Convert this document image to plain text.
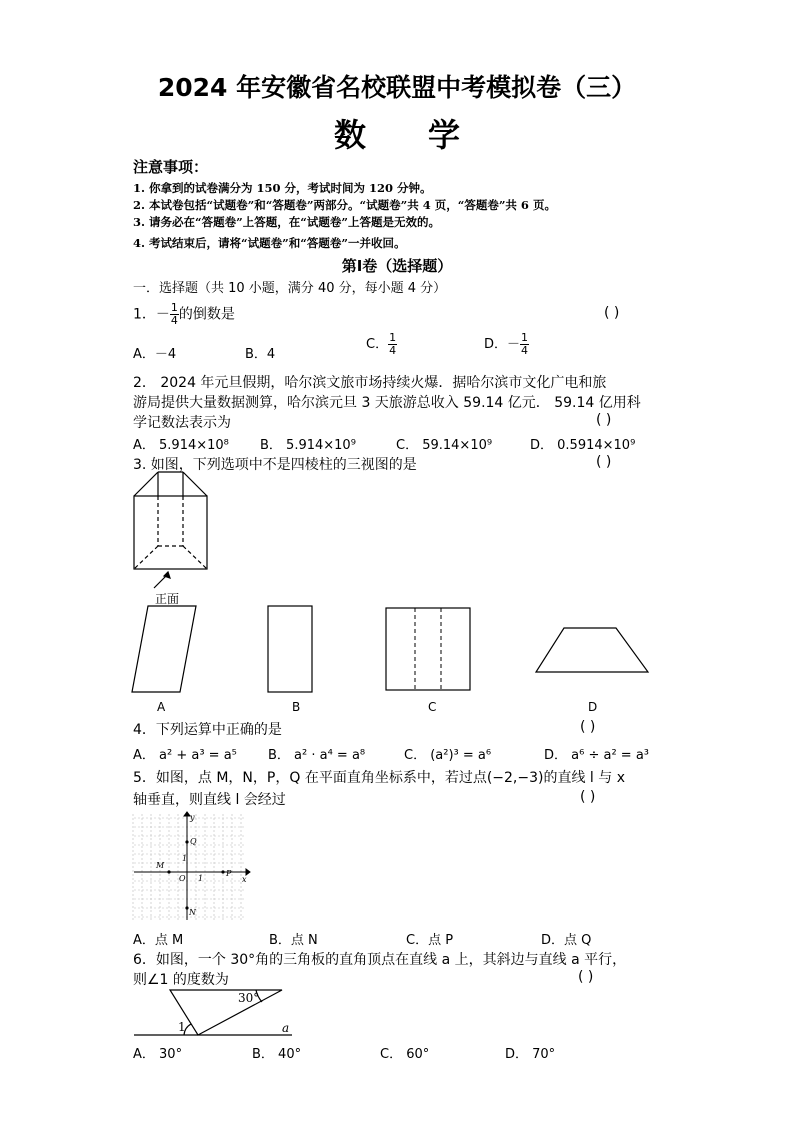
2024 年安徽省名校联盟中考模拟卷（三）
数学
注意事项：
1. 你拿到的试卷满分为 150 分，考试时间为 120 分钟。
2. 本试卷包括“试题卷”和“答题卷”两部分。“试题卷”共 4 页，“答题卷”共 6 页。
3. 请务必在“答题卷”上答题，在“试题卷”上答题是无效的。
4. 考试结束后，请将“试题卷”和“答题卷”一并收回。
第Ⅰ卷（选择题）
一．选择题（共 10 小题，满分 40 分，每小题 4 分）
1．－ $\frac{1}{4}$ 的倒数是	( )
A．－4	B．4
C． $\frac{1}{4}$	D．－ $\frac{1}{4}$
2． 2024 年元旦假期，哈尔滨文旅市场持续火爆．据哈尔滨市文化广电和旅
游局提供大量数据测算，哈尔滨元旦 3 天旅游总收入 59.14 亿元． 59.14 亿用科
学记数法表示为	( )
A． 5.914×10⁸ B． 5.914×10⁹	C． 59.14×10⁹	D． 0.5914×10⁹
3. 如图，下列选项中不是四棱柱的三视图的是	( )
正面
A	B	C	D
4．下列运算中正确的是	( )
A． a² + a³ = a⁵ B． a² · a⁴ = a⁸	C． (a²)³ = a⁶	D． a⁶ ÷ a² = a³
5．如图，点 M，N，P，Q 在平面直角坐标系中，若过点(−2,−3)的直线 l 与 x
轴垂直，则直线 l 会经过	( )
y
x
O 1
1
M
P
Q
N
A．点 M	B．点 N	C．点 P	D．点 Q
6．如图，一个 30°角的三角板的直角顶点在直线 a 上，其斜边与直线 a 平行，
则∠1 的度数为	( )
30°
1	a
A． 30°	B． 40°	C． 60°	D． 70°
